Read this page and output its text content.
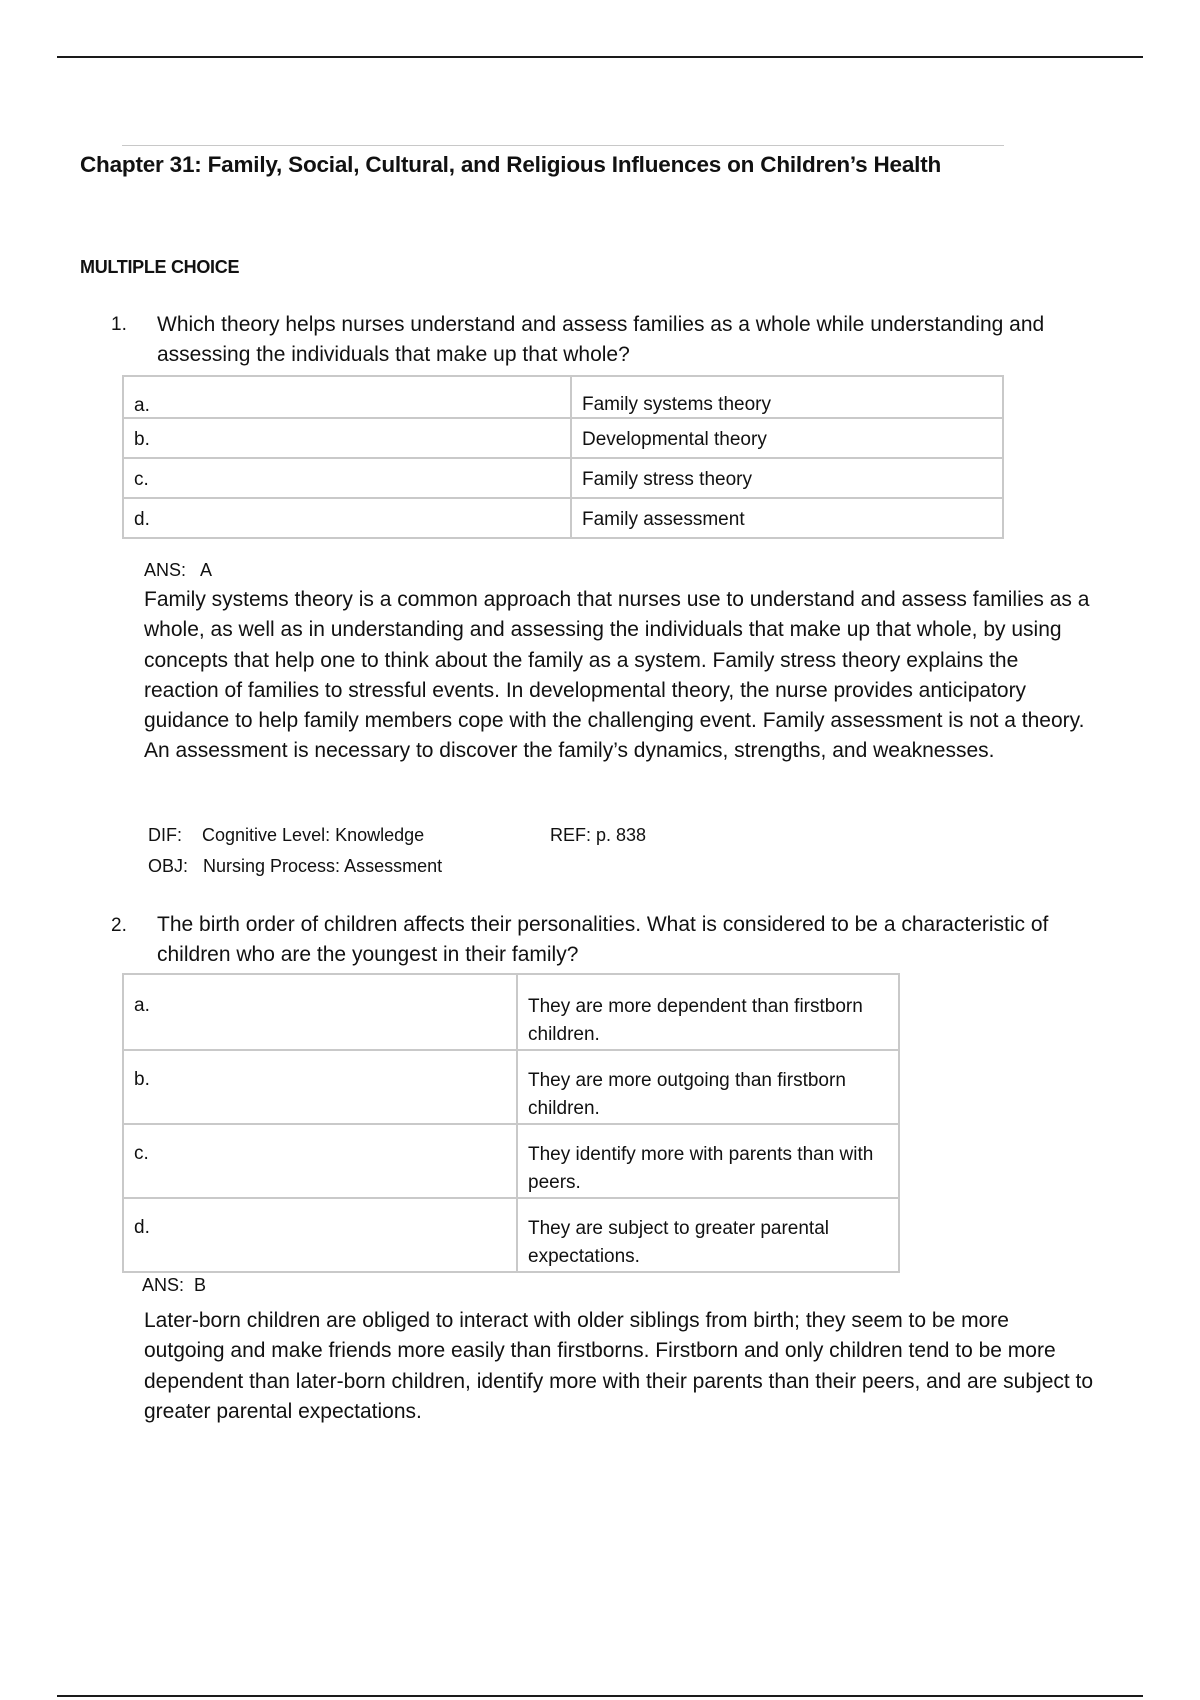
Chapter 31: Family, Social, Cultural, and Religious Influences on Children’s Health
MULTIPLE CHOICE
1. Which theory helps nurses understand and assess families as a whole while understanding and assessing the individuals that make up that whole?

a.	Family systems theory
b.	Developmental theory
c.	Family stress theory
d.	Family assessment

ANS:   A

Family systems theory is a common approach that nurses use to understand and assess families as a whole, as well as in understanding and assessing the individuals that make up that whole, by using concepts that help one to think about the family as a system. Family stress theory explains the reaction of families to stressful events. In developmental theory, the nurse provides anticipatory guidance to help family members cope with the challenging event. Family assessment is not a theory. An assessment is necessary to discover the family’s dynamics, strengths, and weaknesses.

DIF:    Cognitive Level: Knowledge	REF: p. 838

OBJ:   Nursing Process: Assessment

2. The birth order of children affects their personalities. What is considered to be a characteristic of children who are the youngest in their family?

a.	They are more dependent than firstborn children.
b.	They are more outgoing than firstborn children.
c.	They identify more with parents than with peers.
d.	They are subject to greater parental expectations.

ANS:  B

Later-born children are obliged to interact with older siblings from birth; they seem to be more outgoing and make friends more easily than firstborns. Firstborn and only children tend to be more dependent than later-born children, identify more with their parents than their peers, and are subject to greater parental expectations.
